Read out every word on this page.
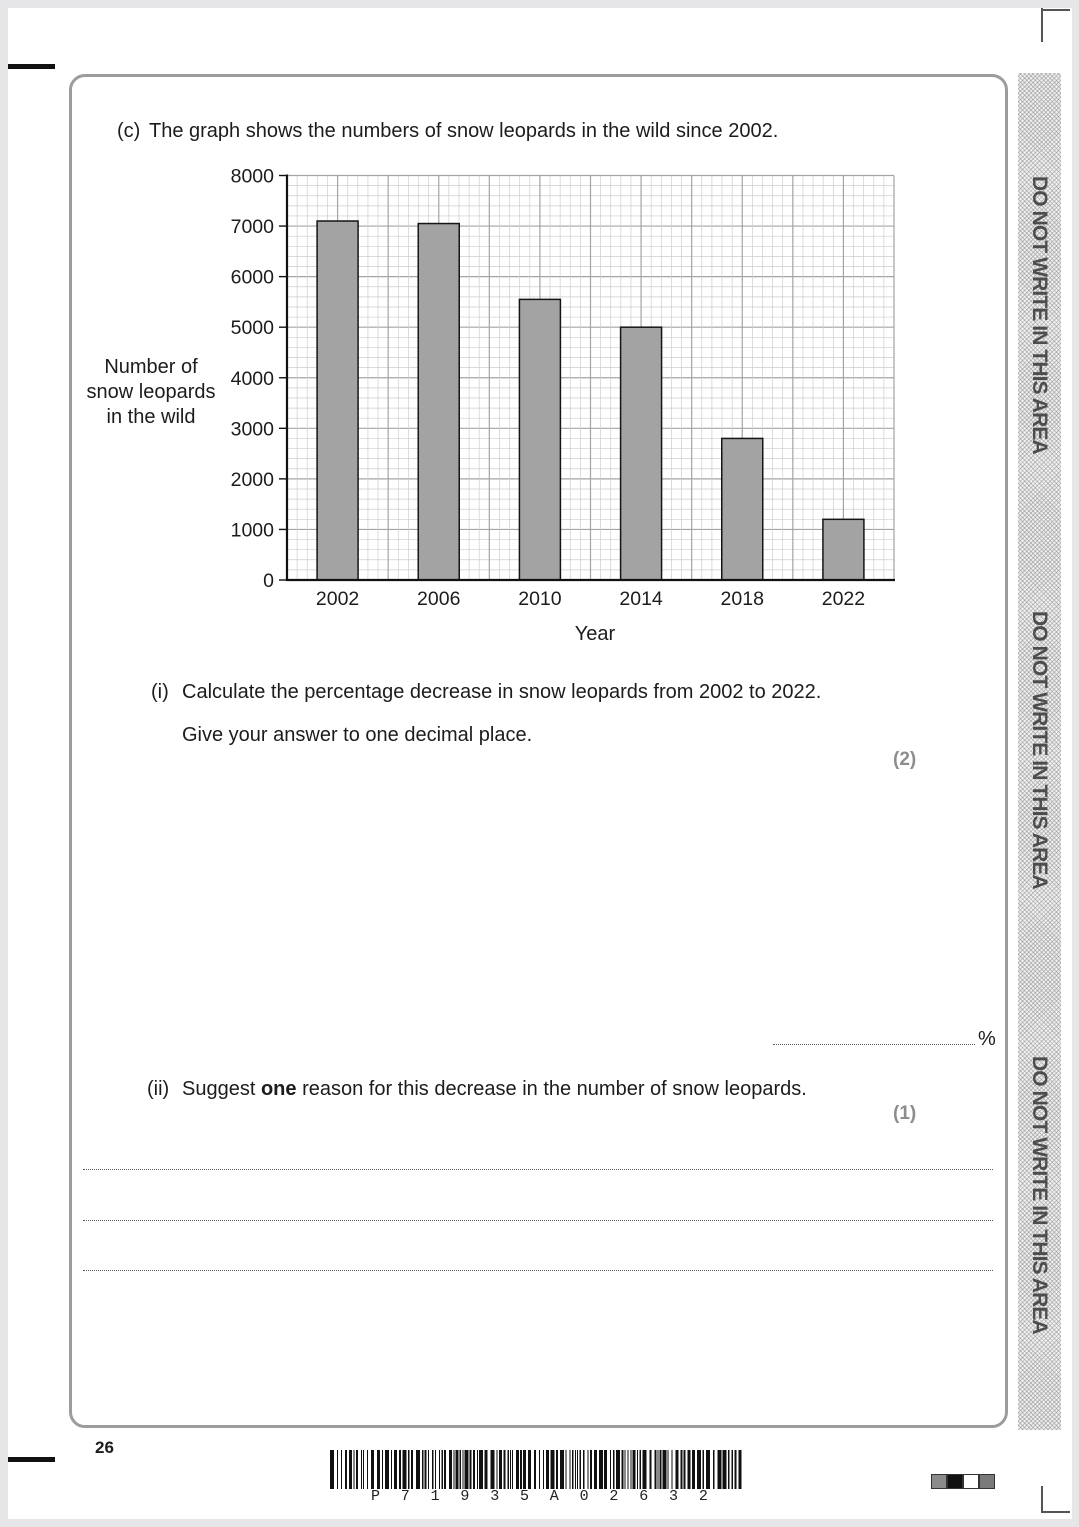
DO NOT WRITE IN THIS AREA
DO NOT WRITE IN THIS AREA
DO NOT WRITE IN THIS AREA
(c) The graph shows the numbers of snow leopards in the wild since 2002.
0
1000
2000
3000
4000
5000
6000
7000
8000
2002	2006	2010	2014	2018	2022
Year
Number of
snow leopards
in the wild
(i) Calculate the percentage decrease in snow leopards from 2002 to 2022.
Give your answer to one decimal place.
(2)
%
(ii) Suggest one reason for this decrease in the number of snow leopards.
(1)
26
P71935A02632
